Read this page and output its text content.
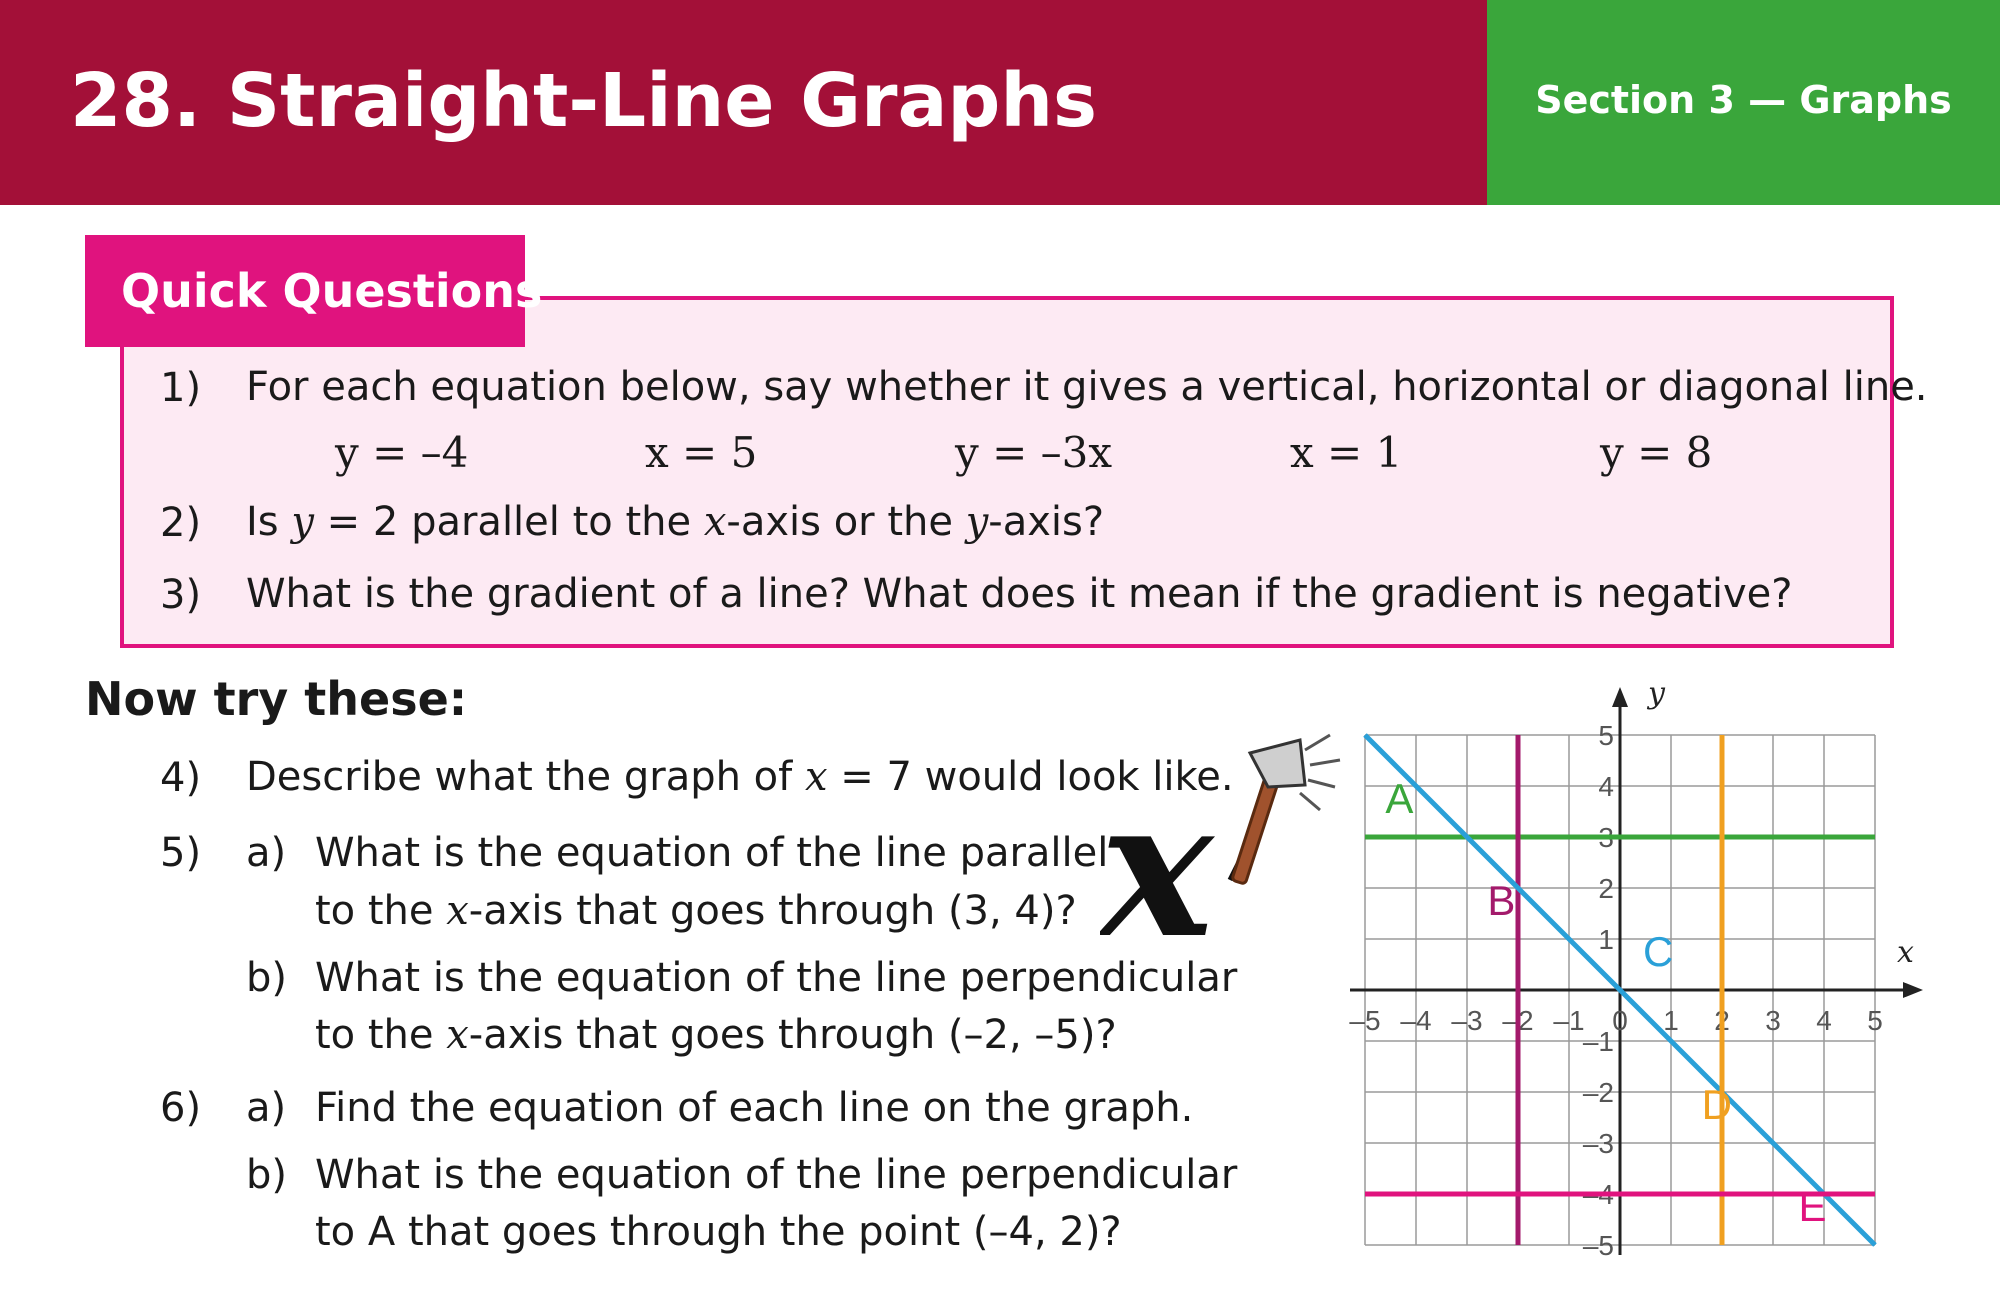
28. Straight-Line Graphs	Section 3 — Graphs
Quick Questions
1) For each equation below, say whether it gives a vertical, horizontal or diagonal line.
y = –4	x = 5	y = –3x	x = 1	y = 8
2) Is y = 2 parallel to the x-axis or the y-axis?
3) What is the gradient of a line? What does it mean if the gradient is negative?
Now try these:
4) Describe what the graph of x = 7 would look like.
5) a) What is the equation of the line parallel
to the x-axis that goes through (3, 4)?
b) What is the equation of the line perpendicular
to the x-axis that goes through (–2, –5)?
6) a) Find the equation of each line on the graph.
b) What is the equation of the line perpendicular
to A that goes through the point (–4, 2)?
x	x
y
–5 –4 –3 –2 –1 0 1 2 3 4 5
–5
–4
–3
–2
–1
1
2
3
4
5
A
B
C
D
E
